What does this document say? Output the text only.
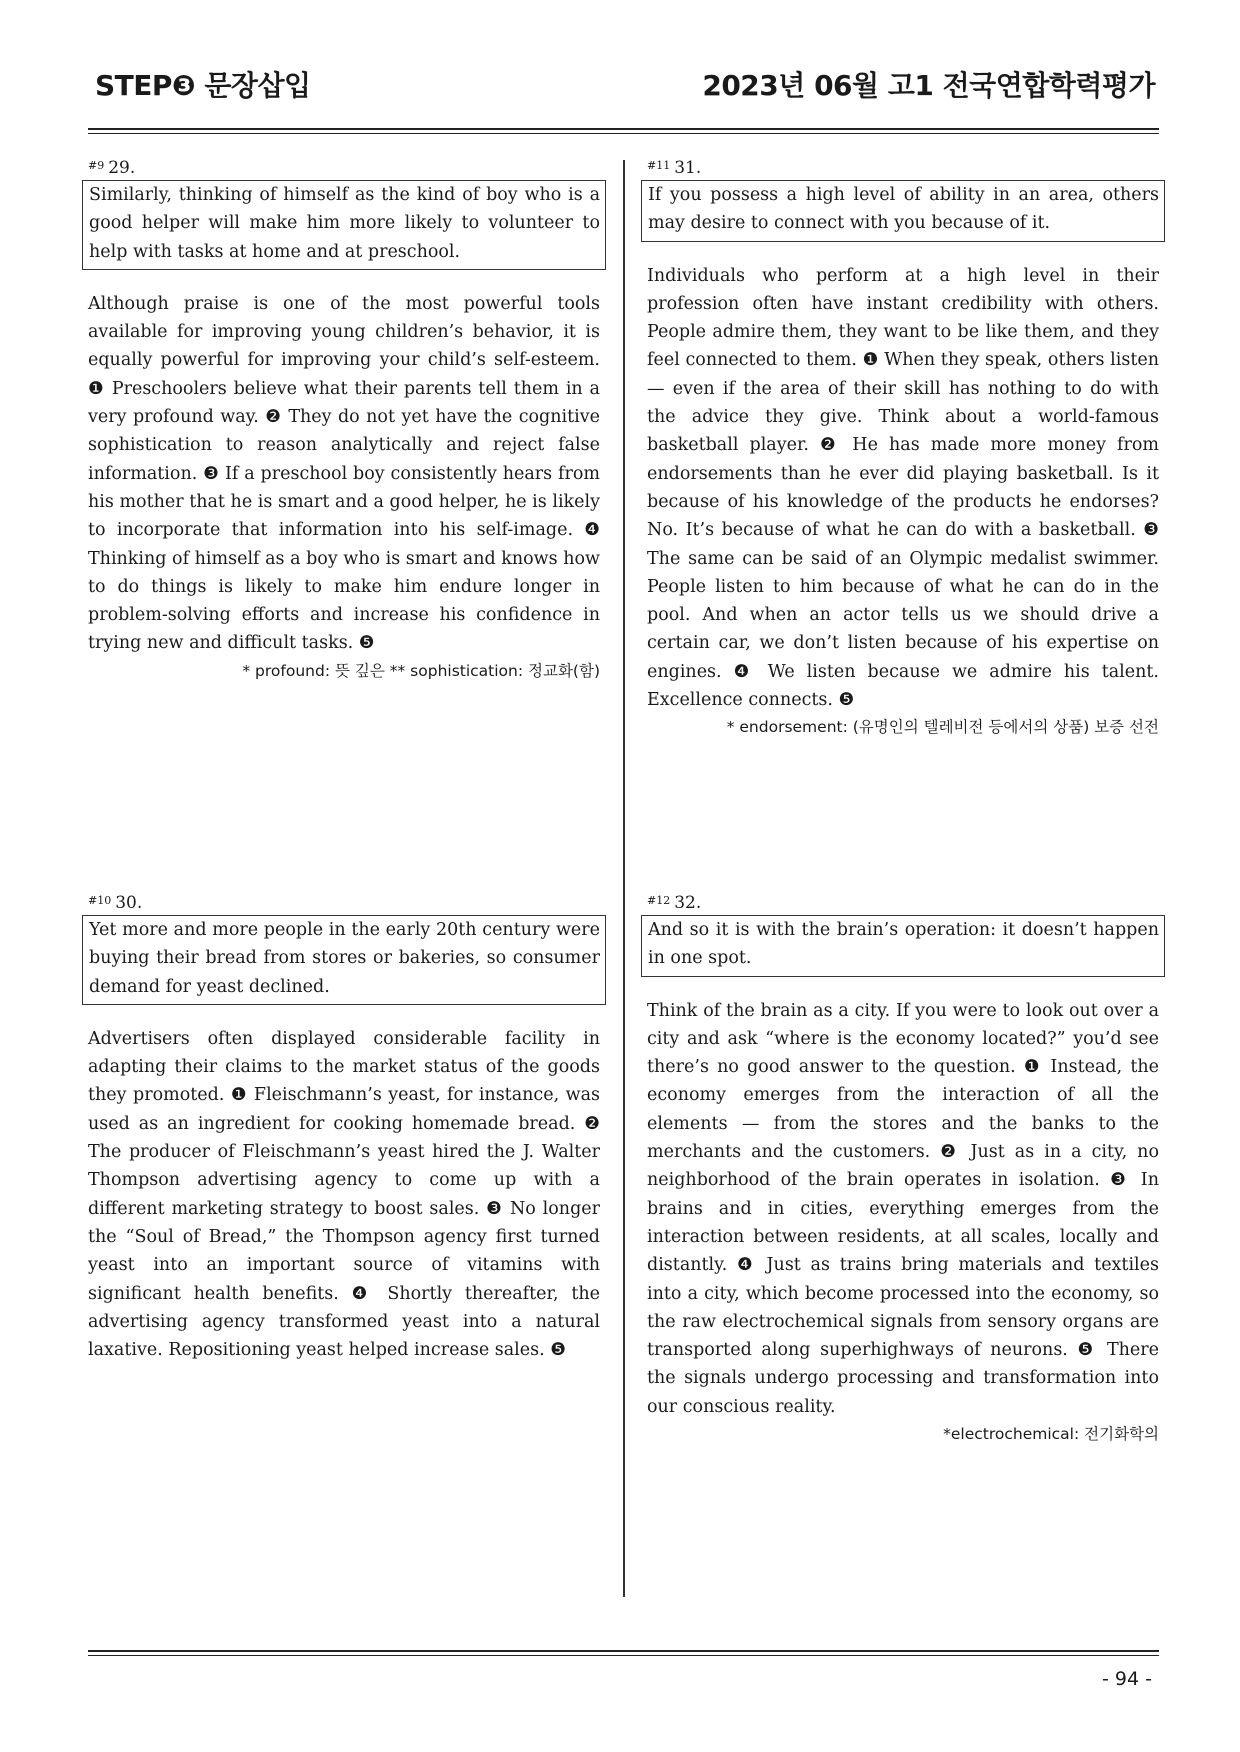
STEP❸ 문장삽입	2023년 06월 고1 전국연합학력평가
$^{\#9}$ 29.
Similarly, thinking of himself as the kind of boy who is a good helper will make him more likely to volunteer to help with tasks at home and at preschool.
Although praise is one of the most powerful tools available for improving young children’s behavior, it is equally powerful for improving your child’s self-esteem. ❶ Preschoolers believe what their parents tell them in a very profound way. ❷ They do not yet have the cognitive sophistication to reason analytically and reject false information. ❸ If a preschool boy consistently hears from his mother that he is smart and a good helper, he is likely to incorporate that information into his self-image. ❹ Thinking of himself as a boy who is smart and knows how to do things is likely to make him endure longer in problem-solving efforts and increase his confidence in trying new and difficult tasks. ❺
* profound: 뜻 깊은 ** sophistication: 정교화(함)
$^{\#10}$ 30.
Yet more and more people in the early 20th century were buying their bread from stores or bakeries, so consumer demand for yeast declined.
Advertisers often displayed considerable facility in adapting their claims to the market status of the goods they promoted. ❶ Fleischmann’s yeast, for instance, was used as an ingredient for cooking homemade bread. ❷ The producer of Fleischmann’s yeast hired the J. Walter Thompson advertising agency to come up with a different marketing strategy to boost sales. ❸ No longer the “Soul of Bread,” the Thompson agency first turned yeast into an important source of vitamins with significant health benefits. ❹ Shortly thereafter, the advertising agency transformed yeast into a natural laxative. Repositioning yeast helped increase sales. ❺
$^{\#11}$ 31.
If you possess a high level of ability in an area, others may desire to connect with you because of it.
Individuals who perform at a high level in their profession often have instant credibility with others. People admire them, they want to be like them, and they feel connected to them. ❶ When they speak, others listen — even if the area of their skill has nothing to do with the advice they give. Think about a world-famous basketball player. ❷ He has made more money from endorsements than he ever did playing basketball. Is it because of his knowledge of the products he endorses? No. It’s because of what he can do with a basketball. ❸ The same can be said of an Olympic medalist swimmer. People listen to him because of what he can do in the pool. And when an actor tells us we should drive a certain car, we don’t listen because of his expertise on engines. ❹ We listen because we admire his talent. Excellence connects. ❺
* endorsement: (유명인의 텔레비전 등에서의 상품) 보증 선전
$^{\#12}$ 32.
And so it is with the brain’s operation: it doesn’t happen in one spot.
Think of the brain as a city. If you were to look out over a city and ask “where is the economy located?” you’d see there’s no good answer to the question. ❶ Instead, the economy emerges from the interaction of all the elements — from the stores and the banks to the merchants and the customers. ❷ Just as in a city, no neighborhood of the brain operates in isolation. ❸ In brains and in cities, everything emerges from the interaction between residents, at all scales, locally and distantly. ❹ Just as trains bring materials and textiles into a city, which become processed into the economy, so the raw electrochemical signals from sensory organs are transported along superhighways of neurons. ❺ There the signals undergo processing and transformation into our conscious reality.
*electrochemical: 전기화학의
- 94 -
